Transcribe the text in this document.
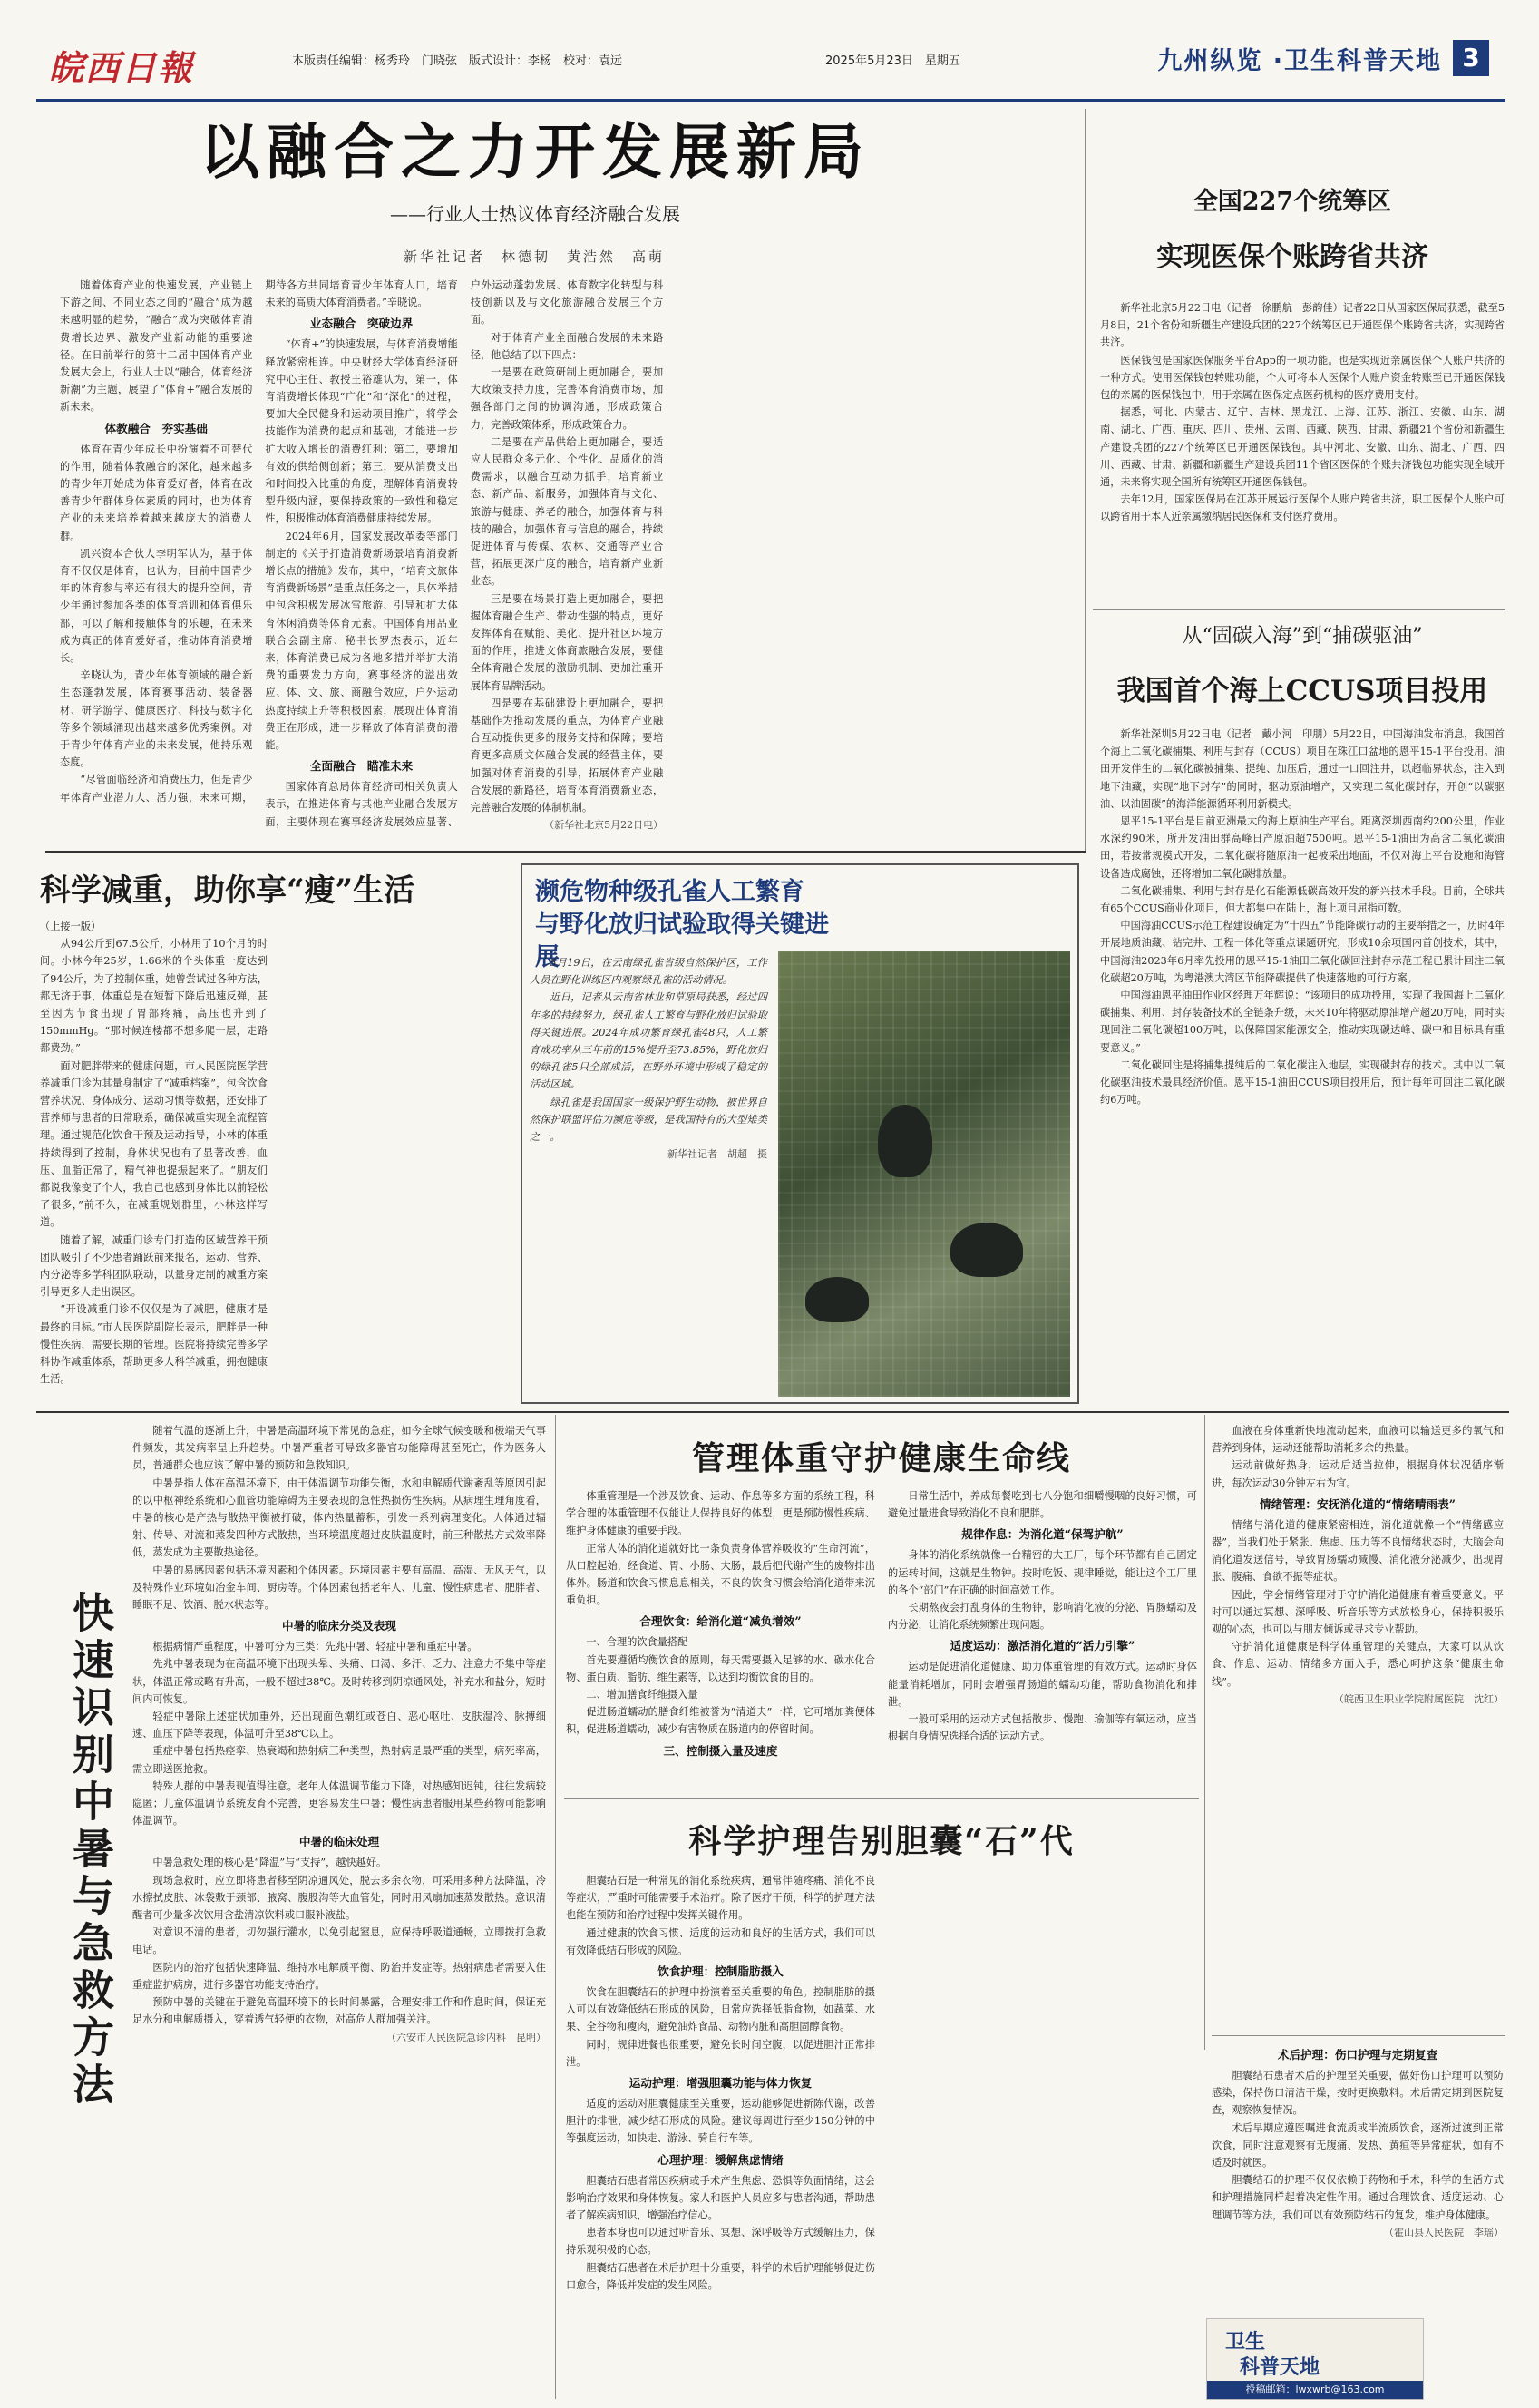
皖西日報	本版责任编辑：杨秀玲　门晓弦　版式设计：李杨　校对：袁远	2025年5月23日　星期五	九州纵览 ·卫生科普天地 3
以融合之力开发展新局
——行业人士热议体育经济融合发展
新华社记者　林德韧　黄浩然　高萌

随着体育产业的快速发展，产业链上下游之间、不同业态之间的“融合”成为越来越明显的趋势，“融合”成为突破体育消费增长边界、激发产业新动能的重要途径。在日前举行的第十二届中国体育产业发展大会上，行业人士以“融合，体育经济新潮”为主题，展望了“体育+”融合发展的新未来。

体教融合　夯实基础

体育在青少年成长中扮演着不可替代的作用，随着体教融合的深化，越来越多的青少年开始成为体育爱好者，体育在改善青少年群体身体素质的同时，也为体育产业的未来培养着越来越庞大的消费人群。

凯兴资本合伙人李明军认为，基于体育不仅仅是体育，也认为，目前中国青少年的体育参与率还有很大的提升空间，青少年通过参加各类的体育培训和体育俱乐部，可以了解和接触体育的乐趣，在未来成为真正的体育爱好者，推动体育消费增长。

辛晓认为，青少年体育领域的融合新生态蓬勃发展，体育赛事活动、装备器材、研学游学、健康医疗、科技与数字化等多个领域涌现出越来越多优秀案例。对于青少年体育产业的未来发展，他持乐观态度。

“尽管面临经济和消费压力，但是青少年体育产业潜力大、活力强，未来可期，期待各方共同培育青少年体育人口，培育未来的高质大体育消费者。”辛晓说。

业态融合　突破边界

“体育+”的快速发展，与体育消费增能释放紧密相连。中央财经大学体育经济研究中心主任、教授王裕雄认为，第一，体育消费增长体现“广化”和“深化”的过程，要加大全民健身和运动项目推广，将学会技能作为消费的起点和基础，才能进一步扩大收入增长的消费红利；第二，要增加有效的供给侧创新；第三，要从消费支出和时间投入比重的角度，理解体育消费转型升级内涵，要保持政策的一致性和稳定性，积极推动体育消费健康持续发展。

2024年6月，国家发展改革委等部门制定的《关于打造消费新场景培育消费新增长点的措施》发布，其中，“培育文旅体育消费新场景”是重点任务之一，具体举措中包含积极发展冰雪旅游、引导和扩大体育休闲消费等体育元素。中国体育用品业联合会副主席、秘书长罗杰表示，近年来，体育消费已成为各地多措并举扩大消费的重要发力方向，赛事经济的溢出效应、体、文、旅、商融合效应，户外运动热度持续上升等积极因素，展现出体育消费正在形成，进一步释放了体育消费的潜能。

全面融合　瞄准未来

国家体育总局体育经济司相关负责人表示，在推进体育与其他产业融合发展方面，主要体现在赛事经济发展效应显著、户外运动蓬勃发展、体育数字化转型与科技创新以及与文化旅游融合发展三个方面。

对于体育产业全面融合发展的未来路径，他总结了以下四点：

一是要在政策研制上更加融合，要加大政策支持力度，完善体育消费市场，加强各部门之间的协调沟通，形成政策合力，完善政策体系，形成政策合力。

二是要在产品供给上更加融合，要适应人民群众多元化、个性化、品质化的消费需求，以融合互动为抓手，培育新业态、新产品、新服务，加强体育与文化、旅游与健康、养老的融合，加强体育与科技的融合，加强体育与信息的融合，持续促进体育与传媒、农林、交通等产业合营，拓展更深广度的融合，培育新产业新业态。

三是要在场景打造上更加融合，要把握体育融合生产、带动性强的特点，更好发挥体育在赋能、美化、提升社区环境方面的作用，推进文体商旅融合发展，要健全体育融合发展的激励机制、更加注重开展体育品牌活动。

四是要在基础建设上更加融合，要把基础作为推动发展的重点，为体育产业融合互动提供更多的服务支持和保障；要培育更多高质文体融合发展的经营主体，要加强对体育消费的引导，拓展体育产业融合发展的新路径，培育体育消费新业态，完善融合发展的体制机制。

（新华社北京5月22日电）
全国227个统筹区
实现医保个账跨省共济

新华社北京5月22日电（记者　徐鹏航　彭韵佳）记者22日从国家医保局获悉，截至5月8日，21个省份和新疆生产建设兵团的227个统筹区已开通医保个账跨省共济，实现跨省共济。

医保钱包是国家医保服务平台App的一项功能。也是实现近亲属医保个人账户共济的一种方式。使用医保钱包转账功能，个人可将本人医保个人账户资金转账至已开通医保钱包的亲属的医保钱包中，用于亲属在医保定点医药机构的医疗费用支付。

据悉，河北、内蒙古、辽宁、吉林、黑龙江、上海、江苏、浙江、安徽、山东、湖南、湖北、广西、重庆、四川、贵州、云南、西藏、陕西、甘肃、新疆21个省份和新疆生产建设兵团的227个统筹区已开通医保钱包。其中河北、安徽、山东、湖北、广西、四川、西藏、甘肃、新疆和新疆生产建设兵团11个省区医保的个账共济钱包功能实现全域开通，未来将实现全国所有统筹区开通医保钱包。

去年12月，国家医保局在江苏开展运行医保个人账户跨省共济，职工医保个人账户可以跨省用于本人近亲属缴纳居民医保和支付医疗费用。

从“固碳入海”到“捕碳驱油”
我国首个海上CCUS项目投用

新华社深圳5月22日电（记者　戴小河　印朋）5月22日，中国海油发布消息，我国首个海上二氧化碳捕集、利用与封存（CCUS）项目在珠江口盆地的恩平15-1平台投用。油田开发伴生的二氧化碳被捕集、提纯、加压后，通过一口回注井，以超临界状态，注入到地下油藏，实现“地下封存”的同时，驱动原油增产，又实现二氧化碳封存，开创“以碳驱油、以油固碳”的海洋能源循环利用新模式。

恩平15-1平台是目前亚洲最大的海上原油生产平台。距离深圳西南约200公里，作业水深约90米，所开发油田群高峰日产原油超7500吨。恩平15-1油田为高含二氧化碳油田，若按常规模式开发，二氧化碳将随原油一起被采出地面，不仅对海上平台设施和海管设备造成腐蚀，还将增加二氧化碳排放量。

二氧化碳捕集、利用与封存是化石能源低碳高效开发的新兴技术手段。目前，全球共有65个CCUS商业化项目，但大都集中在陆上，海上项目屈指可数。

中国海油CCUS示范工程建设确定为“十四五”节能降碳行动的主要举措之一，历时4年开展地质油藏、钻完井、工程一体化等重点课题研究，形成10余项国内首创技术，其中，中国海油2023年6月率先投用的恩平15-1油田二氧化碳回注封存示范工程已累计回注二氧化碳超20万吨，为粤港澳大湾区节能降碳提供了快速落地的可行方案。

中国海油恩平油田作业区经理万年辉说：“该项目的成功投用，实现了我国海上二氧化碳捕集、利用、封存装备技术的全链条升级，未来10年将驱动原油增产超20万吨，同时实现回注二氧化碳超100万吨，以保障国家能源安全，推动实现碳达峰、碳中和目标具有重要意义。”

二氧化碳回注是将捕集提纯后的二氧化碳注入地层，实现碳封存的技术。其中以二氧化碳驱油技术最具经济价值。恩平15-1油田CCUS项目投用后，预计每年可回注二氧化碳约6万吨。

科学减重，助你享“瘦”生活

（上接一版）

从94公斤到67.5公斤，小林用了10个月的时间。小林今年25岁，1.66米的个头体重一度达到了94公斤，为了控制体重，她曾尝试过各种方法，都无济于事，体重总是在短暂下降后迅速反弹，甚至因为节食出现了胃部疼痛，高压也升到了150mmHg。“那时候连楼都不想多爬一层，走路都费劲。”

面对肥胖带来的健康问题，市人民医院医学营养减重门诊为其量身制定了“减重档案”，包含饮食营养状况、身体成分、运动习惯等数据，还安排了营养师与患者的日常联系，确保减重实现全流程管理。通过规范化饮食干预及运动指导，小林的体重持续得到了控制，身体状况也有了显著改善，血压、血脂正常了，精气神也提振起来了。“朋友们都说我像变了个人，我自己也感到身体比以前轻松了很多，”前不久，在减重规划群里，小林这样写道。

随着了解，减重门诊专门打造的区域营养干预团队吸引了不少患者踊跃前来报名，运动、营养、内分泌等多学科团队联动，以量身定制的减重方案引导更多人走出误区。

“开设减重门诊不仅仅是为了减肥，健康才是最终的目标。”市人民医院副院长表示，肥胖是一种慢性疾病，需要长期的管理。医院将持续完善多学科协作减重体系，帮助更多人科学减重，拥抱健康生活。

濒危物种级孔雀人工繁育
与野化放归试验取得关键进展

5月19日，在云南绿孔雀省级自然保护区，工作人员在野化训练区内观察绿孔雀的活动情况。

近日，记者从云南省林业和草原局获悉，经过四年多的持续努力，绿孔雀人工繁育与野化放归试验取得关键进展。2024年成功繁育绿孔雀48只，人工繁育成功率从三年前的15%提升至73.85%，野化放归的绿孔雀5只全部成活，在野外环境中形成了稳定的活动区域。

绿孔雀是我国国家一级保护野生动物，被世界自然保护联盟评估为濒危等级，是我国特有的大型雉类之一。

新华社记者　胡超　摄
快速识别中暑与急救方法

随着气温的逐渐上升，中暑是高温环境下常见的急症，如今全球气候变暖和极端天气事件频发，其发病率呈上升趋势。中暑严重者可导致多器官功能障碍甚至死亡，作为医务人员，普通群众也应该了解中暑的预防和急救知识。

中暑是指人体在高温环境下，由于体温调节功能失衡，水和电解质代谢紊乱等原因引起的以中枢神经系统和心血管功能障碍为主要表现的急性热损伤性疾病。从病理生理角度看，中暑的核心是产热与散热平衡被打破，体内热量蓄积，引发一系列病理变化。人体通过辐射、传导、对流和蒸发四种方式散热，当环境温度超过皮肤温度时，前三种散热方式效率降低，蒸发成为主要散热途径。

中暑的易感因素包括环境因素和个体因素。环境因素主要有高温、高湿、无风天气，以及特殊作业环境如冶金车间、厨房等。个体因素包括老年人、儿童、慢性病患者、肥胖者、睡眠不足、饮酒、脱水状态等。

中暑的临床分类及表现

根据病情严重程度，中暑可分为三类：先兆中暑、轻症中暑和重症中暑。

先兆中暑表现为在高温环境下出现头晕、头痛、口渴、多汗、乏力、注意力不集中等症状，体温正常或略有升高，一般不超过38℃。及时转移到阴凉通风处，补充水和盐分，短时间内可恢复。

轻症中暑除上述症状加重外，还出现面色潮红或苍白、恶心呕吐、皮肤湿冷、脉搏细速、血压下降等表现，体温可升至38℃以上。

重症中暑包括热痉挛、热衰竭和热射病三种类型，热射病是最严重的类型，病死率高，需立即送医抢救。

特殊人群的中暑表现值得注意。老年人体温调节能力下降，对热感知迟钝，往往发病较隐匿；儿童体温调节系统发育不完善，更容易发生中暑；慢性病患者服用某些药物可能影响体温调节。

中暑的临床处理

中暑急救处理的核心是“降温”与“支持”，越快越好。

现场急救时，应立即将患者移至阴凉通风处，脱去多余衣物，可采用多种方法降温，冷水擦拭皮肤、冰袋敷于颈部、腋窝、腹股沟等大血管处，同时用风扇加速蒸发散热。意识清醒者可少量多次饮用含盐清凉饮料或口服补液盐。

对意识不清的患者，切勿强行灌水，以免引起窒息，应保持呼吸道通畅，立即拨打急救电话。

医院内的治疗包括快速降温、维持水电解质平衡、防治并发症等。热射病患者需要入住重症监护病房，进行多器官功能支持治疗。

预防中暑的关键在于避免高温环境下的长时间暴露，合理安排工作和作息时间，保证充足水分和电解质摄入，穿着透气轻便的衣物，对高危人群加强关注。

（六安市人民医院急诊内科　昆明）
管理体重守护健康生命线

体重管理是一个涉及饮食、运动、作息等多方面的系统工程，科学合理的体重管理不仅能让人保持良好的体型，更是预防慢性疾病、维护身体健康的重要手段。

正常人体的消化道就好比一条负责身体营养吸收的“生命河流”，从口腔起始，经食道、胃、小肠、大肠，最后把代谢产生的废物排出体外。肠道和饮食习惯息息相关，不良的饮食习惯会给消化道带来沉重负担。

合理饮食：给消化道“减负增效”

一、合理的饮食量搭配

首先要遵循均衡饮食的原则，每天需要摄入足够的水、碳水化合物、蛋白质、脂肪、维生素等，以达到均衡饮食的目的。

二、增加膳食纤维摄入量

促进肠道蠕动的膳食纤维被誉为“清道夫”一样，它可增加粪便体积，促进肠道蠕动，减少有害物质在肠道内的停留时间。

三、控制摄入量及速度

日常生活中，养成每餐吃到七八分饱和细嚼慢咽的良好习惯，可避免过量进食导致消化不良和肥胖。

规律作息：为消化道“保驾护航”

身体的消化系统就像一台精密的大工厂，每个环节都有自己固定的运转时间，这就是生物钟。按时吃饭、规律睡觉，能让这个工厂里的各个“部门”在正确的时间高效工作。

长期熬夜会打乱身体的生物钟，影响消化液的分泌、胃肠蠕动及内分泌，让消化系统频繁出现问题。

适度运动：激活消化道的“活力引擎”

运动是促进消化道健康、助力体重管理的有效方式。运动时身体能量消耗增加，同时会增强胃肠道的蠕动功能，帮助食物消化和排泄。

一般可采用的运动方式包括散步、慢跑、瑜伽等有氧运动，应当根据自身情况选择合适的运动方式。

血液在身体重新快地流动起来，血液可以输送更多的氧气和营养到身体，运动还能帮助消耗多余的热量。

运动前做好热身，运动后适当拉伸，根据身体状况循序渐进，每次运动30分钟左右为宜。

情绪管理：安抚消化道的“情绪晴雨表”

情绪与消化道的健康紧密相连，消化道就像一个“情绪感应器”，当我们处于紧张、焦虑、压力等不良情绪状态时，大脑会向消化道发送信号，导致胃肠蠕动减慢、消化液分泌减少，出现胃胀、腹痛、食欲不振等症状。

因此，学会情绪管理对于守护消化道健康有着重要意义。平时可以通过冥想、深呼吸、听音乐等方式放松身心，保持积极乐观的心态，也可以与朋友倾诉或寻求专业帮助。

守护消化道健康是科学体重管理的关键点，大家可以从饮食、作息、运动、情绪多方面入手，悉心呵护这条“健康生命线”。

（皖西卫生职业学院附属医院　沈红）
科学护理告别胆囊“石”代

胆囊结石是一种常见的消化系统疾病，通常伴随疼痛、消化不良等症状，严重时可能需要手术治疗。除了医疗干预，科学的护理方法也能在预防和治疗过程中发挥关键作用。

通过健康的饮食习惯、适度的运动和良好的生活方式，我们可以有效降低结石形成的风险。

饮食护理：控制脂肪摄入

饮食在胆囊结石的护理中扮演着至关重要的角色。控制脂肪的摄入可以有效降低结石形成的风险，日常应选择低脂食物，如蔬菜、水果、全谷物和瘦肉，避免油炸食品、动物内脏和高胆固醇食物。

同时，规律进餐也很重要，避免长时间空腹，以促进胆汁正常排泄。

运动护理：增强胆囊功能与体力恢复

适度的运动对胆囊健康至关重要，运动能够促进新陈代谢，改善胆汁的排泄，减少结石形成的风险。建议每周进行至少150分钟的中等强度运动，如快走、游泳、骑自行车等。

心理护理：缓解焦虑情绪

胆囊结石患者常因疾病或手术产生焦虑、恐惧等负面情绪，这会影响治疗效果和身体恢复。家人和医护人员应多与患者沟通，帮助患者了解疾病知识，增强治疗信心。

患者本身也可以通过听音乐、冥想、深呼吸等方式缓解压力，保持乐观积极的心态。

胆囊结石患者在术后护理十分重要，科学的术后护理能够促进伤口愈合，降低并发症的发生风险。

术后护理：伤口护理与定期复查

胆囊结石患者术后的护理至关重要，做好伤口护理可以预防感染，保持伤口清洁干燥，按时更换敷料。术后需定期到医院复查，观察恢复情况。

术后早期应遵医嘱进食流质或半流质饮食，逐渐过渡到正常饮食，同时注意观察有无腹痛、发热、黄疸等异常症状，如有不适及时就医。

胆囊结石的护理不仅仅依赖于药物和手术，科学的生活方式和护理措施同样起着决定性作用。通过合理饮食、适度运动、心理调节等方法，我们可以有效预防结石的复发，维护身体健康。

（霍山县人民医院　李瑶）
卫生
科普天地
投稿邮箱：lwxwrb@163.com
